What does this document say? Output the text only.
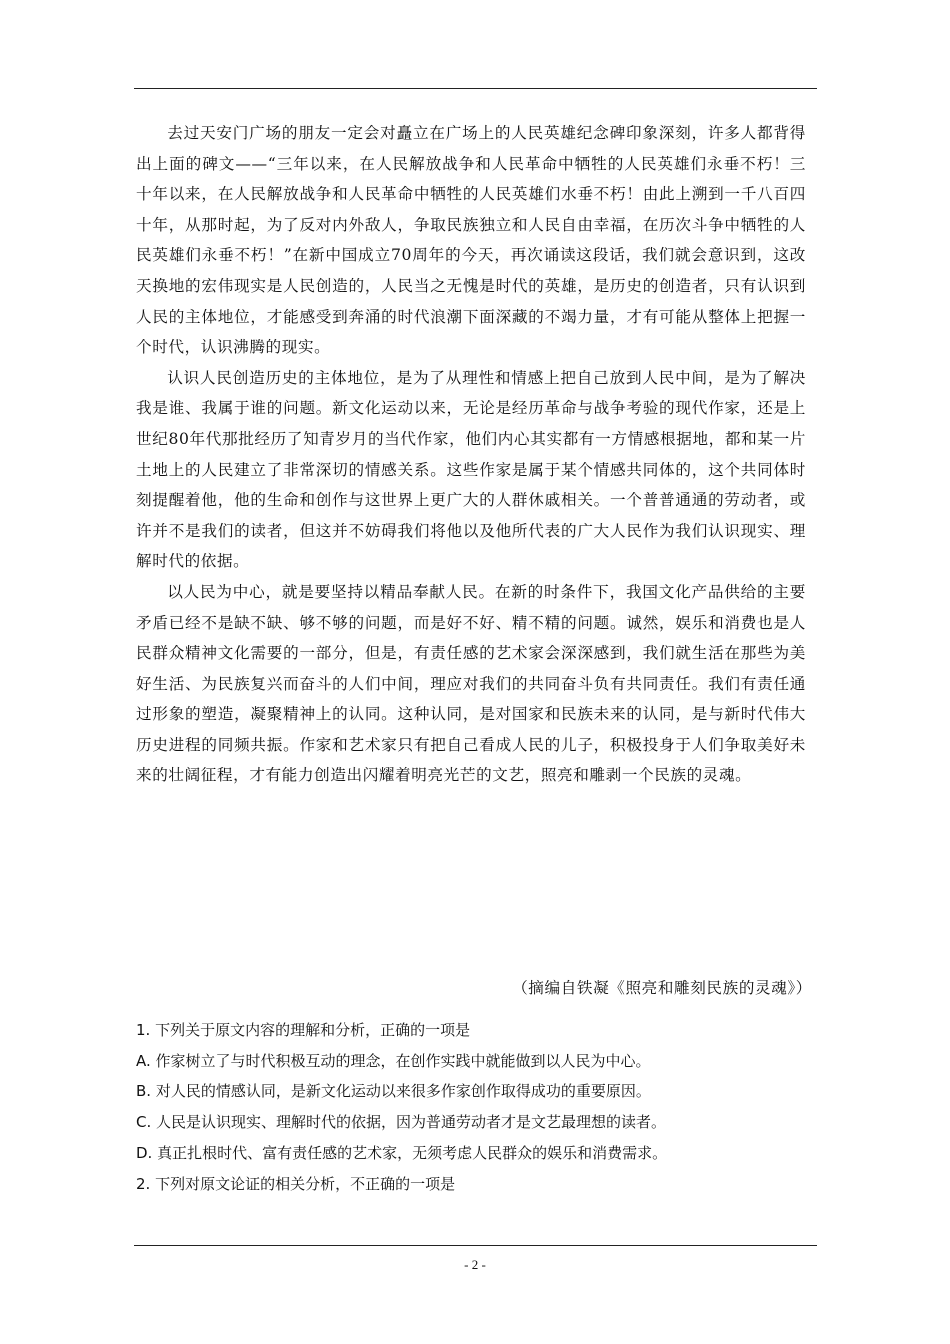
去过天安门广场的朋友一定会对矗立在广场上的人民英雄纪念碑印象深刻，许多人都背得出上面的碑文——“三年以来，在人民解放战争和人民革命中牺牲的人民英雄们永垂不朽！三十年以来，在人民解放战争和人民革命中牺牲的人民英雄们水垂不朽！由此上溯到一千八百四十年，从那时起，为了反对内外敌人，争取民族独立和人民自由幸福，在历次斗争中牺牲的人民英雄们永垂不朽！”在新中国成立70周年的今天，再次诵读这段话，我们就会意识到，这改天换地的宏伟现实是人民创造的，人民当之无愧是时代的英雄，是历史的创造者，只有认识到人民的主体地位，才能感受到奔涌的时代浪潮下面深藏的不竭力量，才有可能从整体上把握一个时代，认识沸腾的现实。

认识人民创造历史的主体地位，是为了从理性和情感上把自己放到人民中间，是为了解决我是谁、我属于谁的问题。新文化运动以来，无论是经历革命与战争考验的现代作家，还是上世纪80年代那批经历了知青岁月的当代作家，他们内心其实都有一方情感根据地，都和某一片土地上的人民建立了非常深切的情感关系。这些作家是属于某个情感共同体的，这个共同体时刻提醒着他，他的生命和创作与这世界上更广大的人群休戚相关。一个普普通通的劳动者，或许并不是我们的读者，但这并不妨碍我们将他以及他所代表的广大人民作为我们认识现实、理解时代的依据。

以人民为中心，就是要坚持以精品奉献人民。在新的时条件下，我国文化产品供给的主要矛盾已经不是缺不缺、够不够的问题，而是好不好、精不精的问题。诚然，娱乐和消费也是人民群众精神文化需要的一部分，但是，有责任感的艺术家会深深感到，我们就生活在那些为美好生活、为民族复兴而奋斗的人们中间，理应对我们的共同奋斗负有共同责任。我们有责任通过形象的塑造，凝聚精神上的认同。这种认同，是对国家和民族未来的认同，是与新时代伟大历史进程的同频共振。作家和艺术家只有把自己看成人民的儿子，积极投身于人们争取美好未来的壮阔征程，才有能力创造出闪耀着明亮光芒的文艺，照亮和雕剥一个民族的灵魂。

（摘编自铁凝《照亮和雕刻民族的灵魂》）
1. 下列关于原文内容的理解和分析，正确的一项是
A. 作家树立了与时代积极互动的理念，在创作实践中就能做到以人民为中心。
B. 对人民的情感认同，是新文化运动以来很多作家创作取得成功的重要原因。
C. 人民是认识现实、理解时代的依据，因为普通劳动者才是文艺最理想的读者。
D. 真正扎根时代、富有责任感的艺术家，无须考虑人民群众的娱乐和消费需求。
2. 下列对原文论证的相关分析，不正确的一项是
- 2 -
